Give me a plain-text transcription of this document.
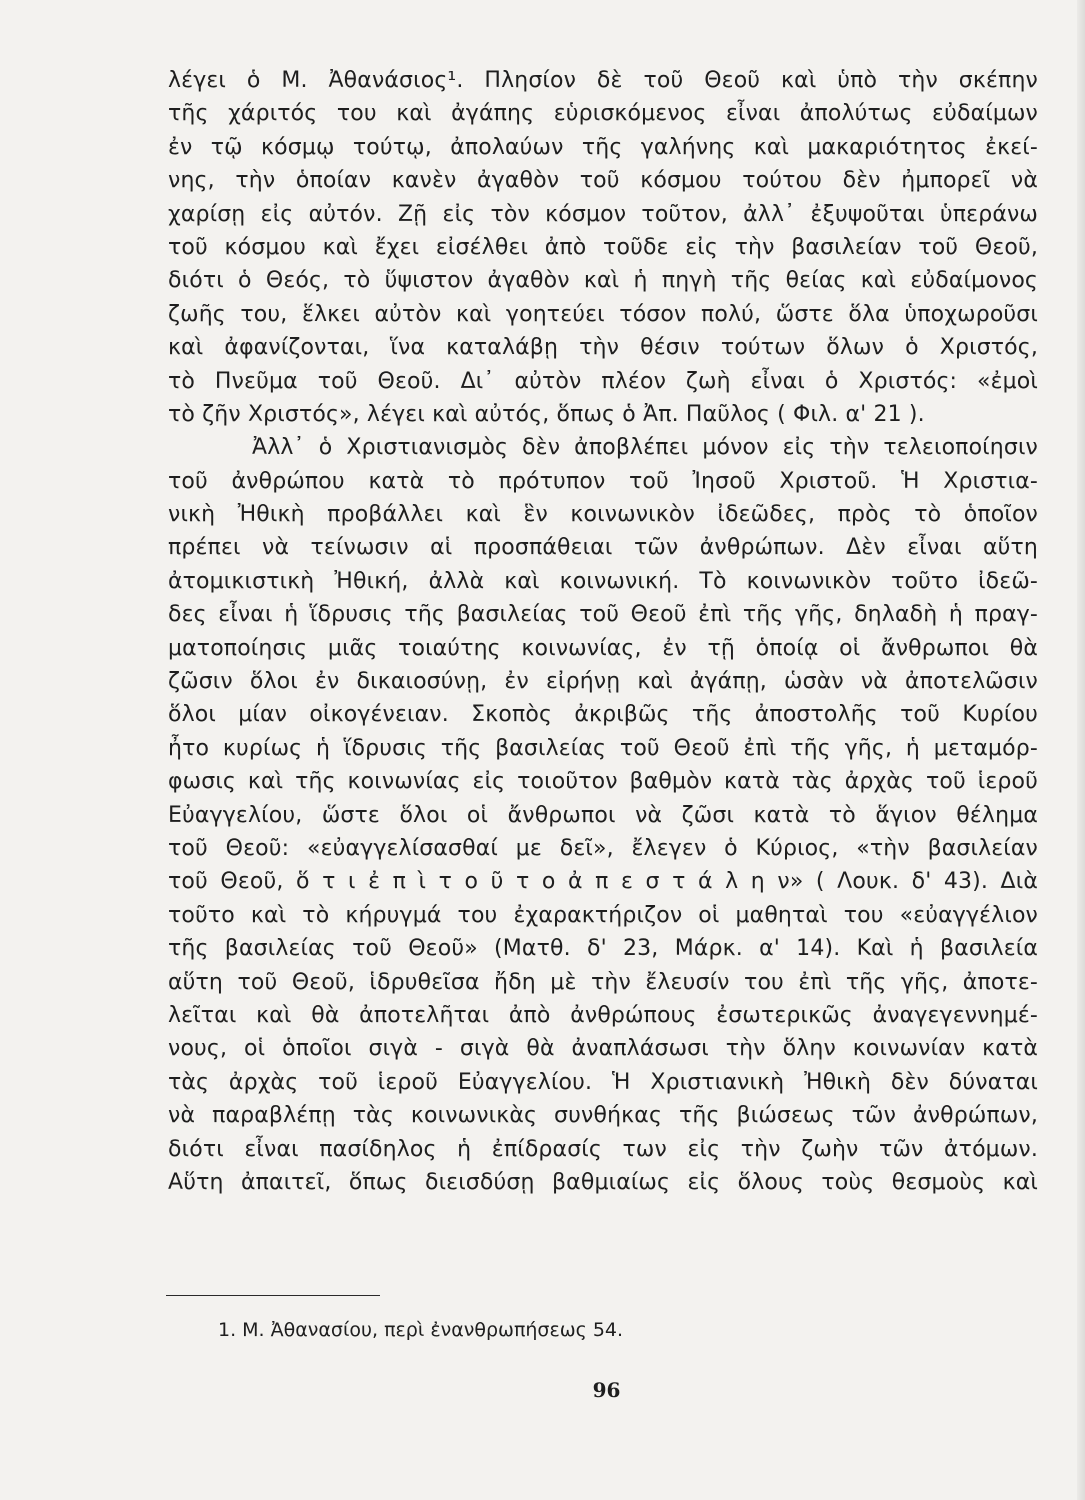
λέγει ὁ Μ. Ἀθανάσιος¹. Πλησίον δὲ τοῦ Θεοῦ καὶ ὑπὸ τὴν σκέπην
τῆς χάριτός του καὶ ἀγάπης εὑρισκόμενος εἶναι ἀπολύτως εὐδαίμων
ἐν τῷ κόσμῳ τούτῳ, ἀπολαύων τῆς γαλήνης καὶ μακαριότητος ἐκεί-
νης, τὴν ὁποίαν κανὲν ἀγαθὸν τοῦ κόσμου τούτου δὲν ἠμπορεῖ νὰ
χαρίσῃ εἰς αὐτόν. Ζῇ εἰς τὸν κόσμον τοῦτον, ἀλλ᾽ ἐξυψοῦται ὑπεράνω
τοῦ κόσμου καὶ ἔχει εἰσέλθει ἀπὸ τοῦδε εἰς τὴν βασιλείαν τοῦ Θεοῦ,
διότι ὁ Θεός, τὸ ὕψιστον ἀγαθὸν καὶ ἡ πηγὴ τῆς θείας καὶ εὐδαίμονος
ζωῆς του, ἕλκει αὐτὸν καὶ γοητεύει τόσον πολύ, ὥστε ὅλα ὑποχωροῦσι
καὶ ἀφανίζονται, ἵνα καταλάβῃ τὴν θέσιν τούτων ὅλων ὁ Χριστός,
τὸ Πνεῦμα τοῦ Θεοῦ. Δι᾽ αὐτὸν πλέον ζωὴ εἶναι ὁ Χριστός: «ἐμοὶ
τὸ ζῆν Χριστός», λέγει καὶ αὐτός, ὅπως ὁ Ἀπ. Παῦλος ( Φιλ. α' 21 ).
Ἀλλ᾽ ὁ Χριστιανισμὸς δὲν ἀποβλέπει μόνον εἰς τὴν τελειοποίησιν
τοῦ ἀνθρώπου κατὰ τὸ πρότυπον τοῦ Ἰησοῦ Χριστοῦ. Ἡ Χριστια-
νικὴ Ἠθικὴ προβάλλει καὶ ἓν κοινωνικὸν ἰδεῶδες, πρὸς τὸ ὁποῖον
πρέπει νὰ τείνωσιν αἱ προσπάθειαι τῶν ἀνθρώπων. Δὲν εἶναι αὕτη
ἀτομικιστικὴ Ἠθική, ἀλλὰ καὶ κοινωνική. Τὸ κοινωνικὸν τοῦτο ἰδεῶ-
δες εἶναι ἡ ἵδρυσις τῆς βασιλείας τοῦ Θεοῦ ἐπὶ τῆς γῆς, δηλαδὴ ἡ πραγ-
ματοποίησις μιᾶς τοιαύτης κοινωνίας, ἐν τῇ ὁποίᾳ οἱ ἄνθρωποι θὰ
ζῶσιν ὅλοι ἐν δικαιοσύνῃ, ἐν εἰρήνῃ καὶ ἀγάπῃ, ὡσὰν νὰ ἀποτελῶσιν
ὅλοι μίαν οἰκογένειαν. Σκοπὸς ἀκριβῶς τῆς ἀποστολῆς τοῦ Κυρίου
ἦτο κυρίως ἡ ἵδρυσις τῆς βασιλείας τοῦ Θεοῦ ἐπὶ τῆς γῆς, ἡ μεταμόρ-
φωσις καὶ τῆς κοινωνίας εἰς τοιοῦτον βαθμὸν κατὰ τὰς ἀρχὰς τοῦ ἱεροῦ
Εὐαγγελίου, ὥστε ὅλοι οἱ ἄνθρωποι νὰ ζῶσι κατὰ τὸ ἅγιον θέλημα
τοῦ Θεοῦ: «εὐαγγελίσασθαί με δεῖ», ἔλεγεν ὁ Κύριος, «τὴν βασιλείαν
τοῦ Θεοῦ, ὅ τ ι ἐ π ὶ τ ο ῦ τ ο ἀ π ε σ τ ά λ η ν» ( Λουκ. δ' 43). Διὰ
τοῦτο καὶ τὸ κήρυγμά του ἐχαρακτήριζον οἱ μαθηταὶ του «εὐαγγέλιον
τῆς βασιλείας τοῦ Θεοῦ» (Ματθ. δ' 23, Μάρκ. α' 14). Καὶ ἡ βασιλεία
αὕτη τοῦ Θεοῦ, ἱδρυθεῖσα ἤδη μὲ τὴν ἔλευσίν του ἐπὶ τῆς γῆς, ἀποτε-
λεῖται καὶ θὰ ἀποτελῆται ἀπὸ ἀνθρώπους ἐσωτερικῶς ἀναγεγεννημέ-
νους, οἱ ὁποῖοι σιγὰ - σιγὰ θὰ ἀναπλάσωσι τὴν ὅλην κοινωνίαν κατὰ
τὰς ἀρχὰς τοῦ ἱεροῦ Εὐαγγελίου. Ἡ Χριστιανικὴ Ἠθικὴ δὲν δύναται
νὰ παραβλέπῃ τὰς κοινωνικὰς συνθήκας τῆς βιώσεως τῶν ἀνθρώπων,
διότι εἶναι πασίδηλος ἡ ἐπίδρασίς των εἰς τὴν ζωὴν τῶν ἀτόμων.
Αὕτη ἀπαιτεῖ, ὅπως διεισδύσῃ βαθμιαίως εἰς ὅλους τοὺς θεσμοὺς καὶ
1. Μ. Ἀθανασίου, περὶ ἐνανθρωπήσεως 54.
96
